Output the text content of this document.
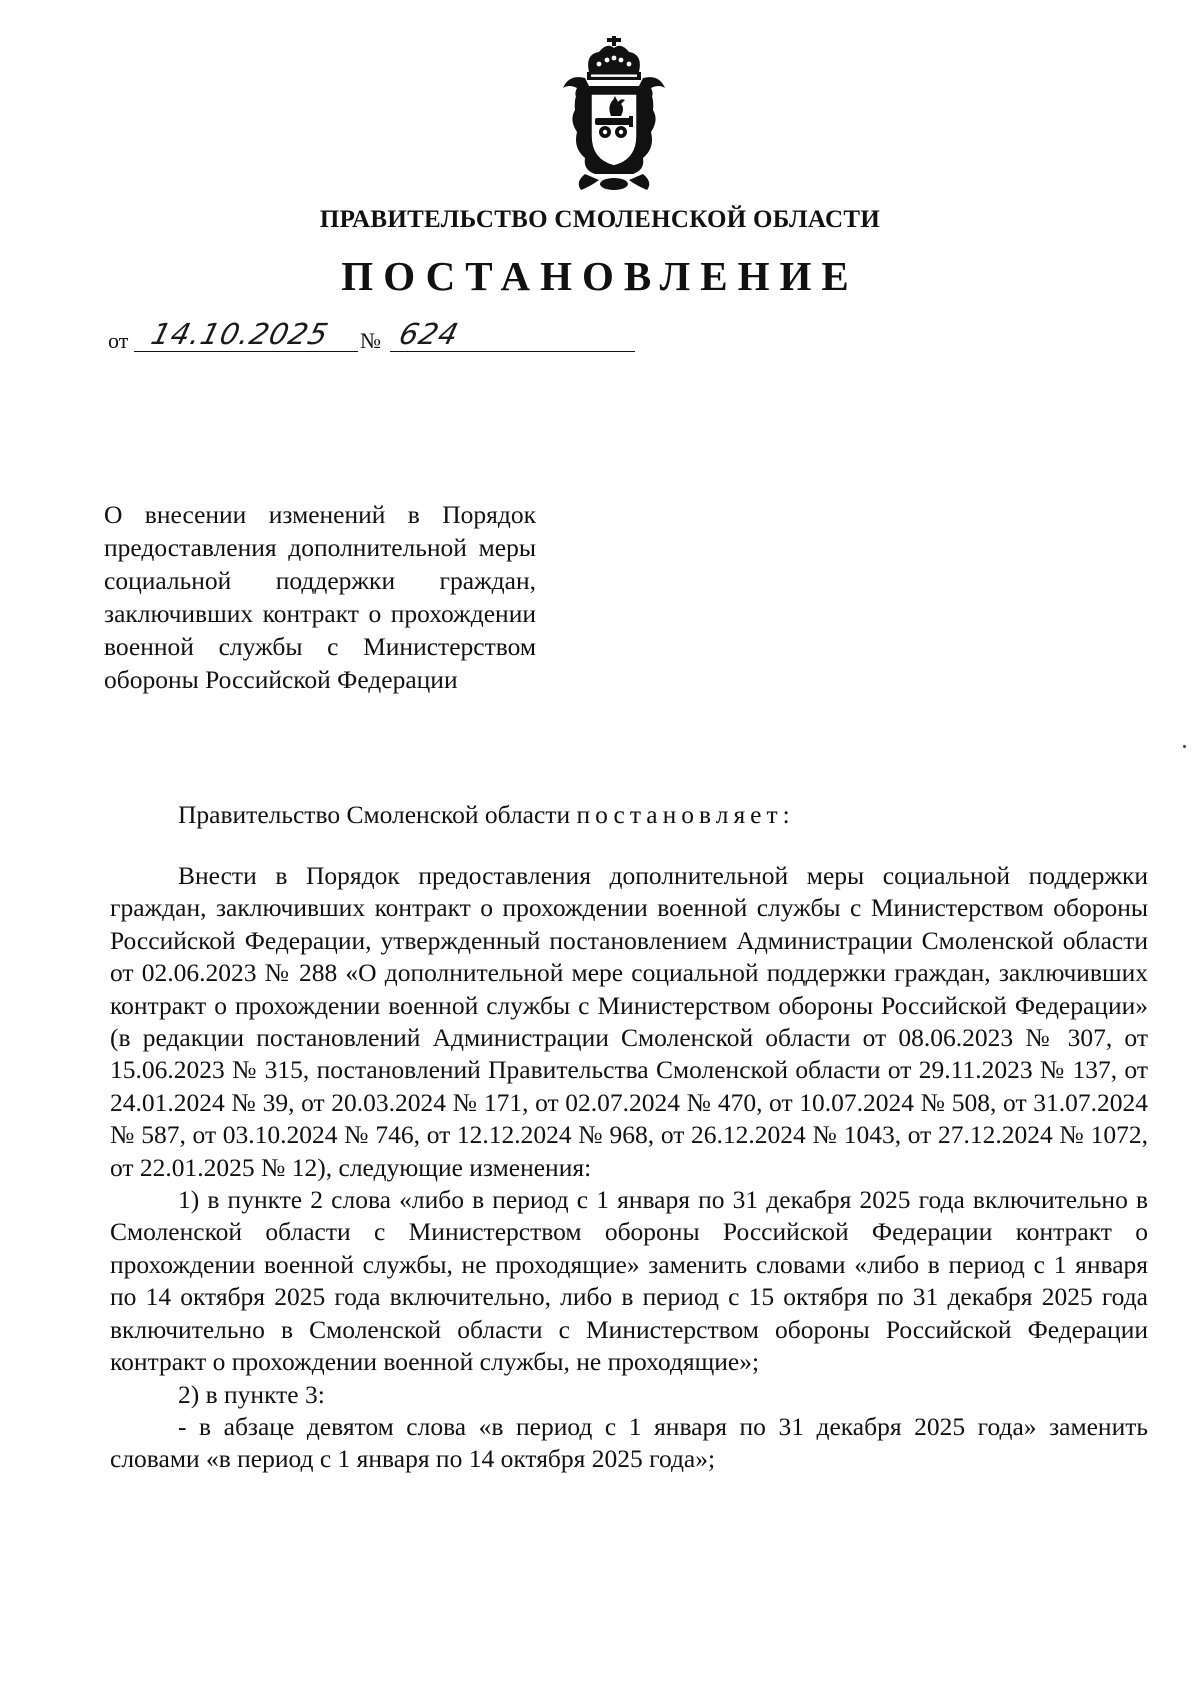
ПРАВИТЕЛЬСТВО СМОЛЕНСКОЙ ОБЛАСТИ
ПОСТАНОВЛЕНИЕ
от 14.10.2025 № 624
О внесении изменений в Порядок предоставления дополнительной меры социальной поддержки граждан, заключивших контракт о прохождении военной службы с Министерством обороны Российской Федерации
Правительство Смоленской области постановляет:

Внести в Порядок предоставления дополнительной меры социальной поддержки граждан, заключивших контракт о прохождении военной службы с Министерством обороны Российской Федерации, утвержденный постановлением Администрации Смоленской области от 02.06.2023 № 288 «О дополнительной мере социальной поддержки граждан, заключивших контракт о прохождении военной службы с Министерством обороны Российской Федерации» (в редакции постановлений Администрации Смоленской области от 08.06.2023 № 307, от 15.06.2023 № 315, постановлений Правительства Смоленской области от 29.11.2023 № 137, от 24.01.2024 № 39, от 20.03.2024 № 171, от 02.07.2024 № 470, от 10.07.2024 № 508, от 31.07.2024 № 587, от 03.10.2024 № 746, от 12.12.2024 № 968, от 26.12.2024 № 1043, от 27.12.2024 № 1072, от 22.01.2025 № 12), следующие изменения:

1) в пункте 2 слова «либо в период с 1 января по 31 декабря 2025 года включительно в Смоленской области с Министерством обороны Российской Федерации контракт о прохождении военной службы, не проходящие» заменить словами «либо в период с 1 января по 14 октября 2025 года включительно, либо в период с 15 октября по 31 декабря 2025 года включительно в Смоленской области с Министерством обороны Российской Федерации контракт о прохождении военной службы, не проходящие»;

2) в пункте 3:

- в абзаце девятом слова «в период с 1 января по 31 декабря 2025 года» заменить словами «в период с 1 января по 14 октября 2025 года»;
